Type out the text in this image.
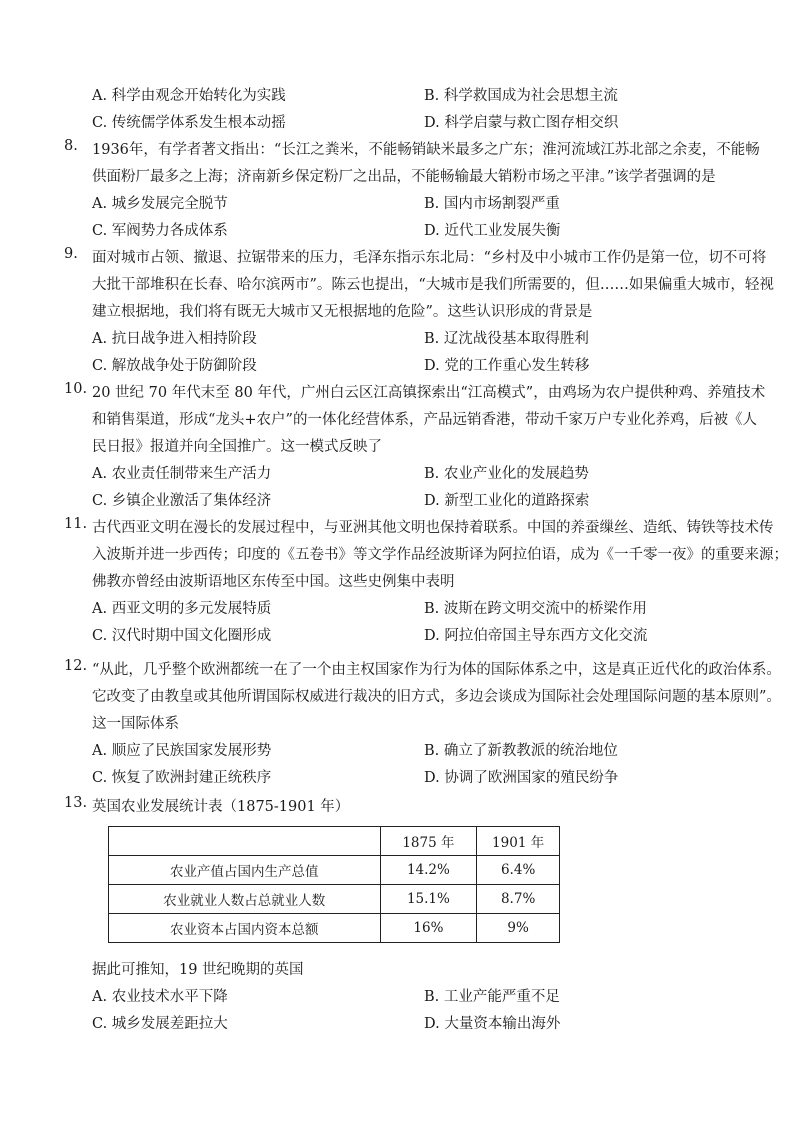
A. 科学由观念开始转化为实践	B. 科学救国成为社会思想主流
C. 传统儒学体系发生根本动摇	D. 科学启蒙与救亡图存相交织
8. 1936年，有学者著文指出：“长江之粪米，不能畅销缺米最多之广东；淮河流域江苏北部之余麦，不能畅
供面粉厂最多之上海；济南新乡保定粉厂之出品，不能畅输最大销粉市场之平津。”该学者强调的是
A. 城乡发展完全脱节	B. 国内市场割裂严重
C. 军阀势力各成体系	D. 近代工业发展失衡
9. 面对城市占领、撤退、拉锯带来的压力，毛泽东指示东北局：“乡村及中小城市工作仍是第一位，切不可将
大批干部堆积在长春、哈尔滨两市”。陈云也提出，“大城市是我们所需要的，但……如果偏重大城市，轻视
建立根据地，我们将有既无大城市又无根据地的危险”。这些认识形成的背景是
A. 抗日战争进入相持阶段	B. 辽沈战役基本取得胜利
C. 解放战争处于防御阶段	D. 党的工作重心发生转移
10. 20 世纪 70 年代末至 80 年代，广州白云区江高镇探索出“江高模式”，由鸡场为农户提供种鸡、养殖技术
和销售渠道，形成“龙头+农户”的一体化经营体系，产品远销香港，带动千家万户专业化养鸡，后被《人
民日报》报道并向全国推广。这一模式反映了
A. 农业责任制带来生产活力	B. 农业产业化的发展趋势
C. 乡镇企业激活了集体经济	D. 新型工业化的道路探索
11. 古代西亚文明在漫长的发展过程中，与亚洲其他文明也保持着联系。中国的养蚕缫丝、造纸、铸铁等技术传
入波斯并进一步西传；印度的《五卷书》等文学作品经波斯译为阿拉伯语，成为《一千零一夜》的重要来源；
佛教亦曾经由波斯语地区东传至中国。这些史例集中表明
A. 西亚文明的多元发展特质	B. 波斯在跨文明交流中的桥梁作用
C. 汉代时期中国文化圈形成	D. 阿拉伯帝国主导东西方文化交流
12. “从此，几乎整个欧洲都统一在了一个由主权国家作为行为体的国际体系之中，这是真正近代化的政治体系。
它改变了由教皇或其他所谓国际权威进行裁决的旧方式，多边会谈成为国际社会处理国际问题的基本原则”。
这一国际体系
A. 顺应了民族国家发展形势	B. 确立了新教教派的统治地位
C. 恢复了欧洲封建正统秩序	D. 协调了欧洲国家的殖民纷争
13. 英国农业发展统计表（1875-1901 年）
	1875 年	1901 年
农业产值占国内生产总值	14.2%	6.4%
农业就业人数占总就业人数	15.1%	8.7%
农业资本占国内资本总额	16%	9%
据此可推知，19 世纪晚期的英国
A. 农业技术水平下降	B. 工业产能严重不足
C. 城乡发展差距拉大	D. 大量资本输出海外
